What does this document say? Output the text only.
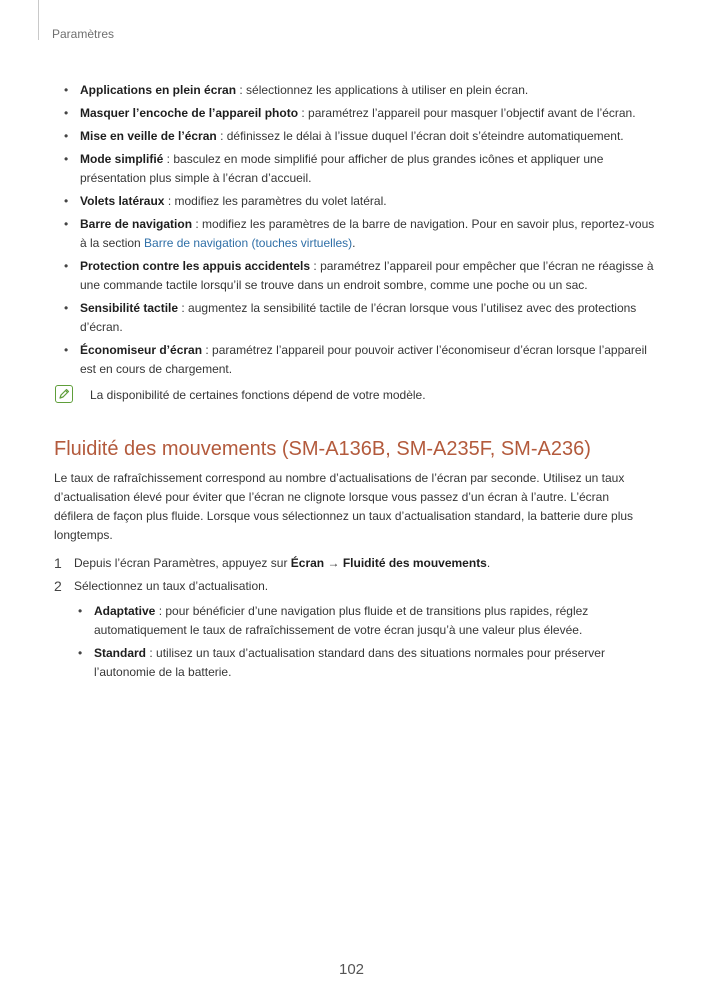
Paramètres
• Applications en plein écran : sélectionnez les applications à utiliser en plein écran.
• Masquer l’encoche de l’appareil photo : paramétrez l’appareil pour masquer l’objectif avant de l’écran.
• Mise en veille de l’écran : définissez le délai à l’issue duquel l’écran doit s’éteindre automatiquement.
• Mode simplifié : basculez en mode simplifié pour afficher de plus grandes icônes et appliquer une présentation plus simple à l’écran d’accueil.
• Volets latéraux : modifiez les paramètres du volet latéral.
• Barre de navigation : modifiez les paramètres de la barre de navigation. Pour en savoir plus, reportez-vous à la section Barre de navigation (touches virtuelles).
• Protection contre les appuis accidentels : paramétrez l’appareil pour empêcher que l’écran ne réagisse à une commande tactile lorsqu’il se trouve dans un endroit sombre, comme une poche ou un sac.
• Sensibilité tactile : augmentez la sensibilité tactile de l’écran lorsque vous l’utilisez avec des protections d’écran.
• Économiseur d’écran : paramétrez l’appareil pour pouvoir activer l’économiseur d’écran lorsque l’appareil est en cours de chargement.
La disponibilité de certaines fonctions dépend de votre modèle.
Fluidité des mouvements (SM-A136B, SM-A235F, SM-A236)

Le taux de rafraîchissement correspond au nombre d’actualisations de l’écran par seconde. Utilisez un taux d’actualisation élevé pour éviter que l’écran ne clignote lorsque vous passez d’un écran à l’autre. L’écran défilera de façon plus fluide. Lorsque vous sélectionnez un taux d’actualisation standard, la batterie dure plus longtemps.

1 Depuis l’écran Paramètres, appuyez sur Écran → Fluidité des mouvements.
2 Sélectionnez un taux d’actualisation.
• Adaptative : pour bénéficier d’une navigation plus fluide et de transitions plus rapides, réglez automatiquement le taux de rafraîchissement de votre écran jusqu’à une valeur plus élevée.
• Standard : utilisez un taux d’actualisation standard dans des situations normales pour préserver l’autonomie de la batterie.
102
